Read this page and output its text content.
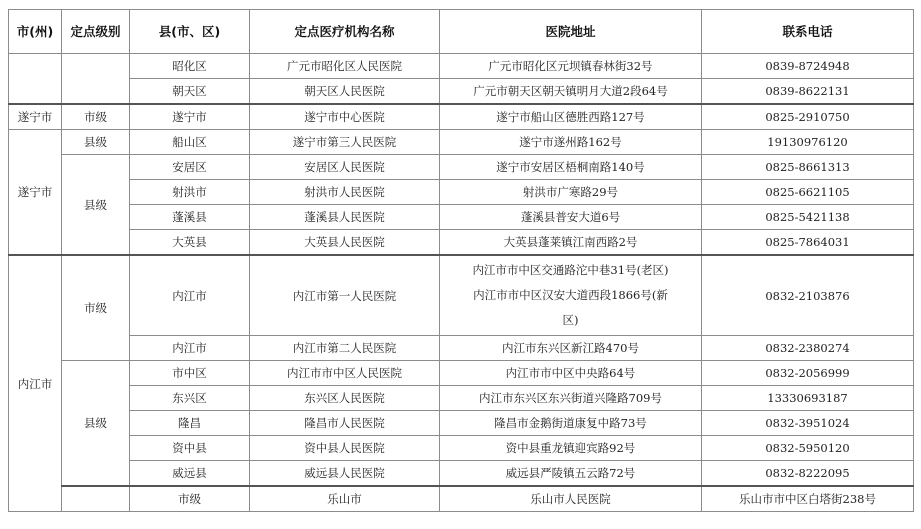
市(州)	定点级别	县(市、区)	定点医疗机构名称	医院地址	联系电话	
		昭化区	广元市昭化区人民医院	广元市昭化区元坝镇春林街32号	0839-8724948	
		朝天区	朝天区人民医院	广元市朝天区朝天镇明月大道2段64号	0839-8622131	
遂宁市	市级	遂宁市	遂宁市中心医院	遂宁市船山区德胜西路127号	0825-2910750	
遂宁市	县级	船山区	遂宁市第三人民医院	遂宁市遂州路162号	19130976120	
	县级	安居区	安居区人民医院	遂宁市安居区梧桐南路140号	0825-8661313	
		射洪市	射洪市人民医院	射洪市广寒路29号	0825-6621105	
		蓬溪县	蓬溪县人民医院	蓬溪县普安大道6号	0825-5421138	
		大英县	大英县人民医院	大英县蓬莱镇江南西路2号	0825-7864031	
内江市	市级	内江市	内江市第一人民医院	内江市市中区交通路沱中巷31号(老区)
内江市市中区汉安大道西段1866号(新
区)	0832-2103876	
		内江市	内江市第二人民医院	内江市东兴区新江路470号	0832-2380274	
	县级	市中区	内江市市中区人民医院	内江市市中区中央路64号	0832-2056999	
		东兴区	东兴区人民医院	内江市东兴区东兴街道兴隆路709号	13330693187	
		隆昌	隆昌市人民医院	隆昌市金鹅街道康复中路73号	0832-3951024	
		资中县	资中县人民医院	资中县重龙镇迎宾路92号	0832-5950120	
		威远县	威远县人民医院	威远县严陵镇五云路72号	0832-8222095	
		市级	乐山市	乐山市人民医院	乐山市市中区白塔街238号	
